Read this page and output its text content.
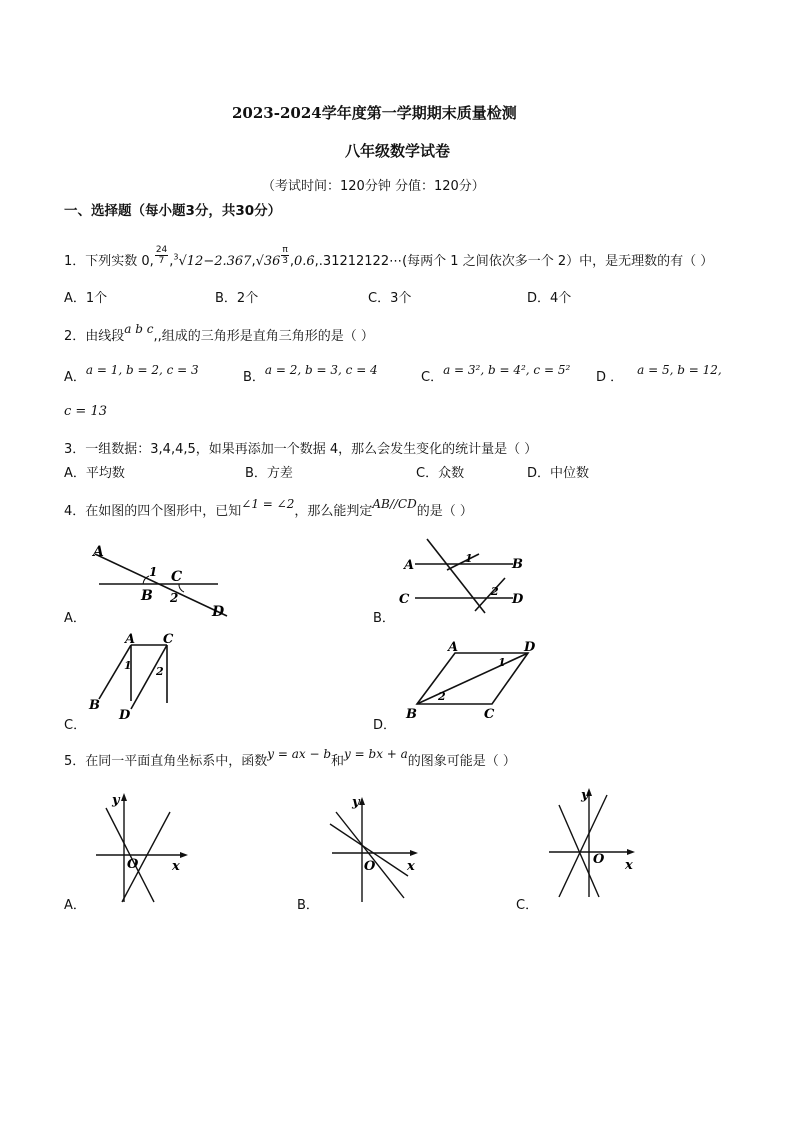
2023-2024学年度第一学期期末质量检测
八年级数学试卷
（考试时间：120分钟 分值：120分）
一、选择题（每小题3分，共30分）
1．下列实数 0, $\frac{24}{7} ,^3√12-2.367,√36 \frac{\pi}{3}$ ,0.6̇,.31212122⋯(每两个 1 之间依次多一个 2）中，是无理数的有（ ）
A．1个	B．2个	C．3个	D．4个
2．由线段a b c,,组成的三角形是直角三角形的是（ ）
A．a = 1, b = 2, c = 3	B．a = 2, b = 3, c = 4	C．a = 3², b = 4², c = 5² D ． a = 5, b = 12,
c = 13
3．一组数据：3,4,4,5，如果再添加一个数据 4，那么会发生变化的统计量是（ ）
A．平均数	B．方差	C．众数	D．中位数
4．在如图的四个图形中，已知∠1 = ∠2，那么能判定AB//CD的是（ ）
A
1 C
B 2
D
A．
A	1	B
C
2
D
B．
A C
1 2
B
D
C．
A	D
1
2
B	C
D．
5．在同一平面直角坐标系中，函数y = ax − b和y = bx + a的图象可能是（ ）
y
O	x
A．
y
O x
B．
y
O x
C．
